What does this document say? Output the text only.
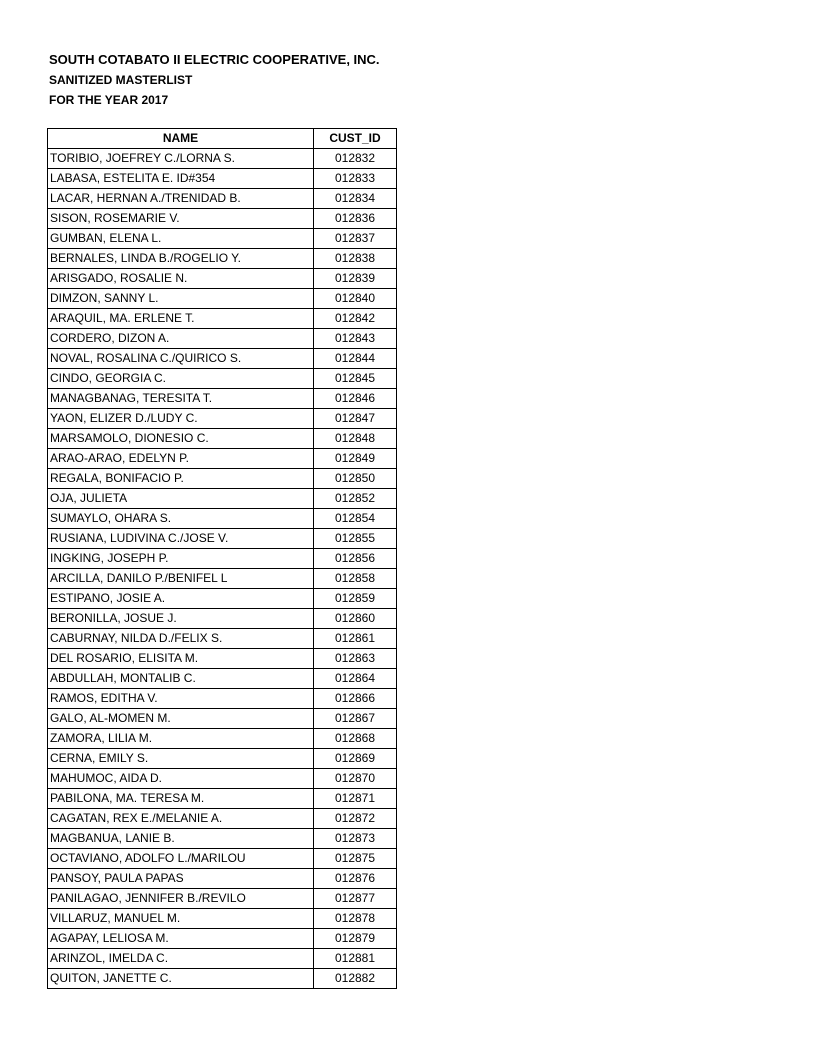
SOUTH COTABATO II ELECTRIC COOPERATIVE, INC.
SANITIZED MASTERLIST
FOR THE YEAR 2017
NAME	CUST_ID
TORIBIO, JOEFREY C./LORNA S.	012832
LABASA, ESTELITA E. ID#354	012833
LACAR, HERNAN A./TRENIDAD B.	012834
SISON, ROSEMARIE V.	012836
GUMBAN, ELENA L.	012837
BERNALES, LINDA B./ROGELIO Y.	012838
ARISGADO, ROSALIE N.	012839
DIMZON, SANNY L.	012840
ARAQUIL, MA. ERLENE T.	012842
CORDERO, DIZON A.	012843
NOVAL, ROSALINA C./QUIRICO S.	012844
CINDO, GEORGIA C.	012845
MANAGBANAG, TERESITA T.	012846
YAON, ELIZER D./LUDY C.	012847
MARSAMOLO, DIONESIO C.	012848
ARAO-ARAO, EDELYN P.	012849
REGALA, BONIFACIO P.	012850
OJA, JULIETA	012852
SUMAYLO, OHARA S.	012854
RUSIANA, LUDIVINA C./JOSE V.	012855
INGKING, JOSEPH P.	012856
ARCILLA, DANILO P./BENIFEL L	012858
ESTIPANO, JOSIE A.	012859
BERONILLA, JOSUE J.	012860
CABURNAY, NILDA D./FELIX S.	012861
DEL ROSARIO, ELISITA M.	012863
ABDULLAH, MONTALIB C.	012864
RAMOS, EDITHA V.	012866
GALO, AL-MOMEN M.	012867
ZAMORA, LILIA M.	012868
CERNA, EMILY S.	012869
MAHUMOC, AIDA D.	012870
PABILONA, MA. TERESA M.	012871
CAGATAN, REX E./MELANIE A.	012872
MAGBANUA, LANIE B.	012873
OCTAVIANO, ADOLFO L./MARILOU	012875
PANSOY, PAULA PAPAS	012876
PANILAGAO, JENNIFER B./REVILO	012877
VILLARUZ, MANUEL M.	012878
AGAPAY, LELIOSA M.	012879
ARINZOL, IMELDA C.	012881
QUITON, JANETTE C.	012882
